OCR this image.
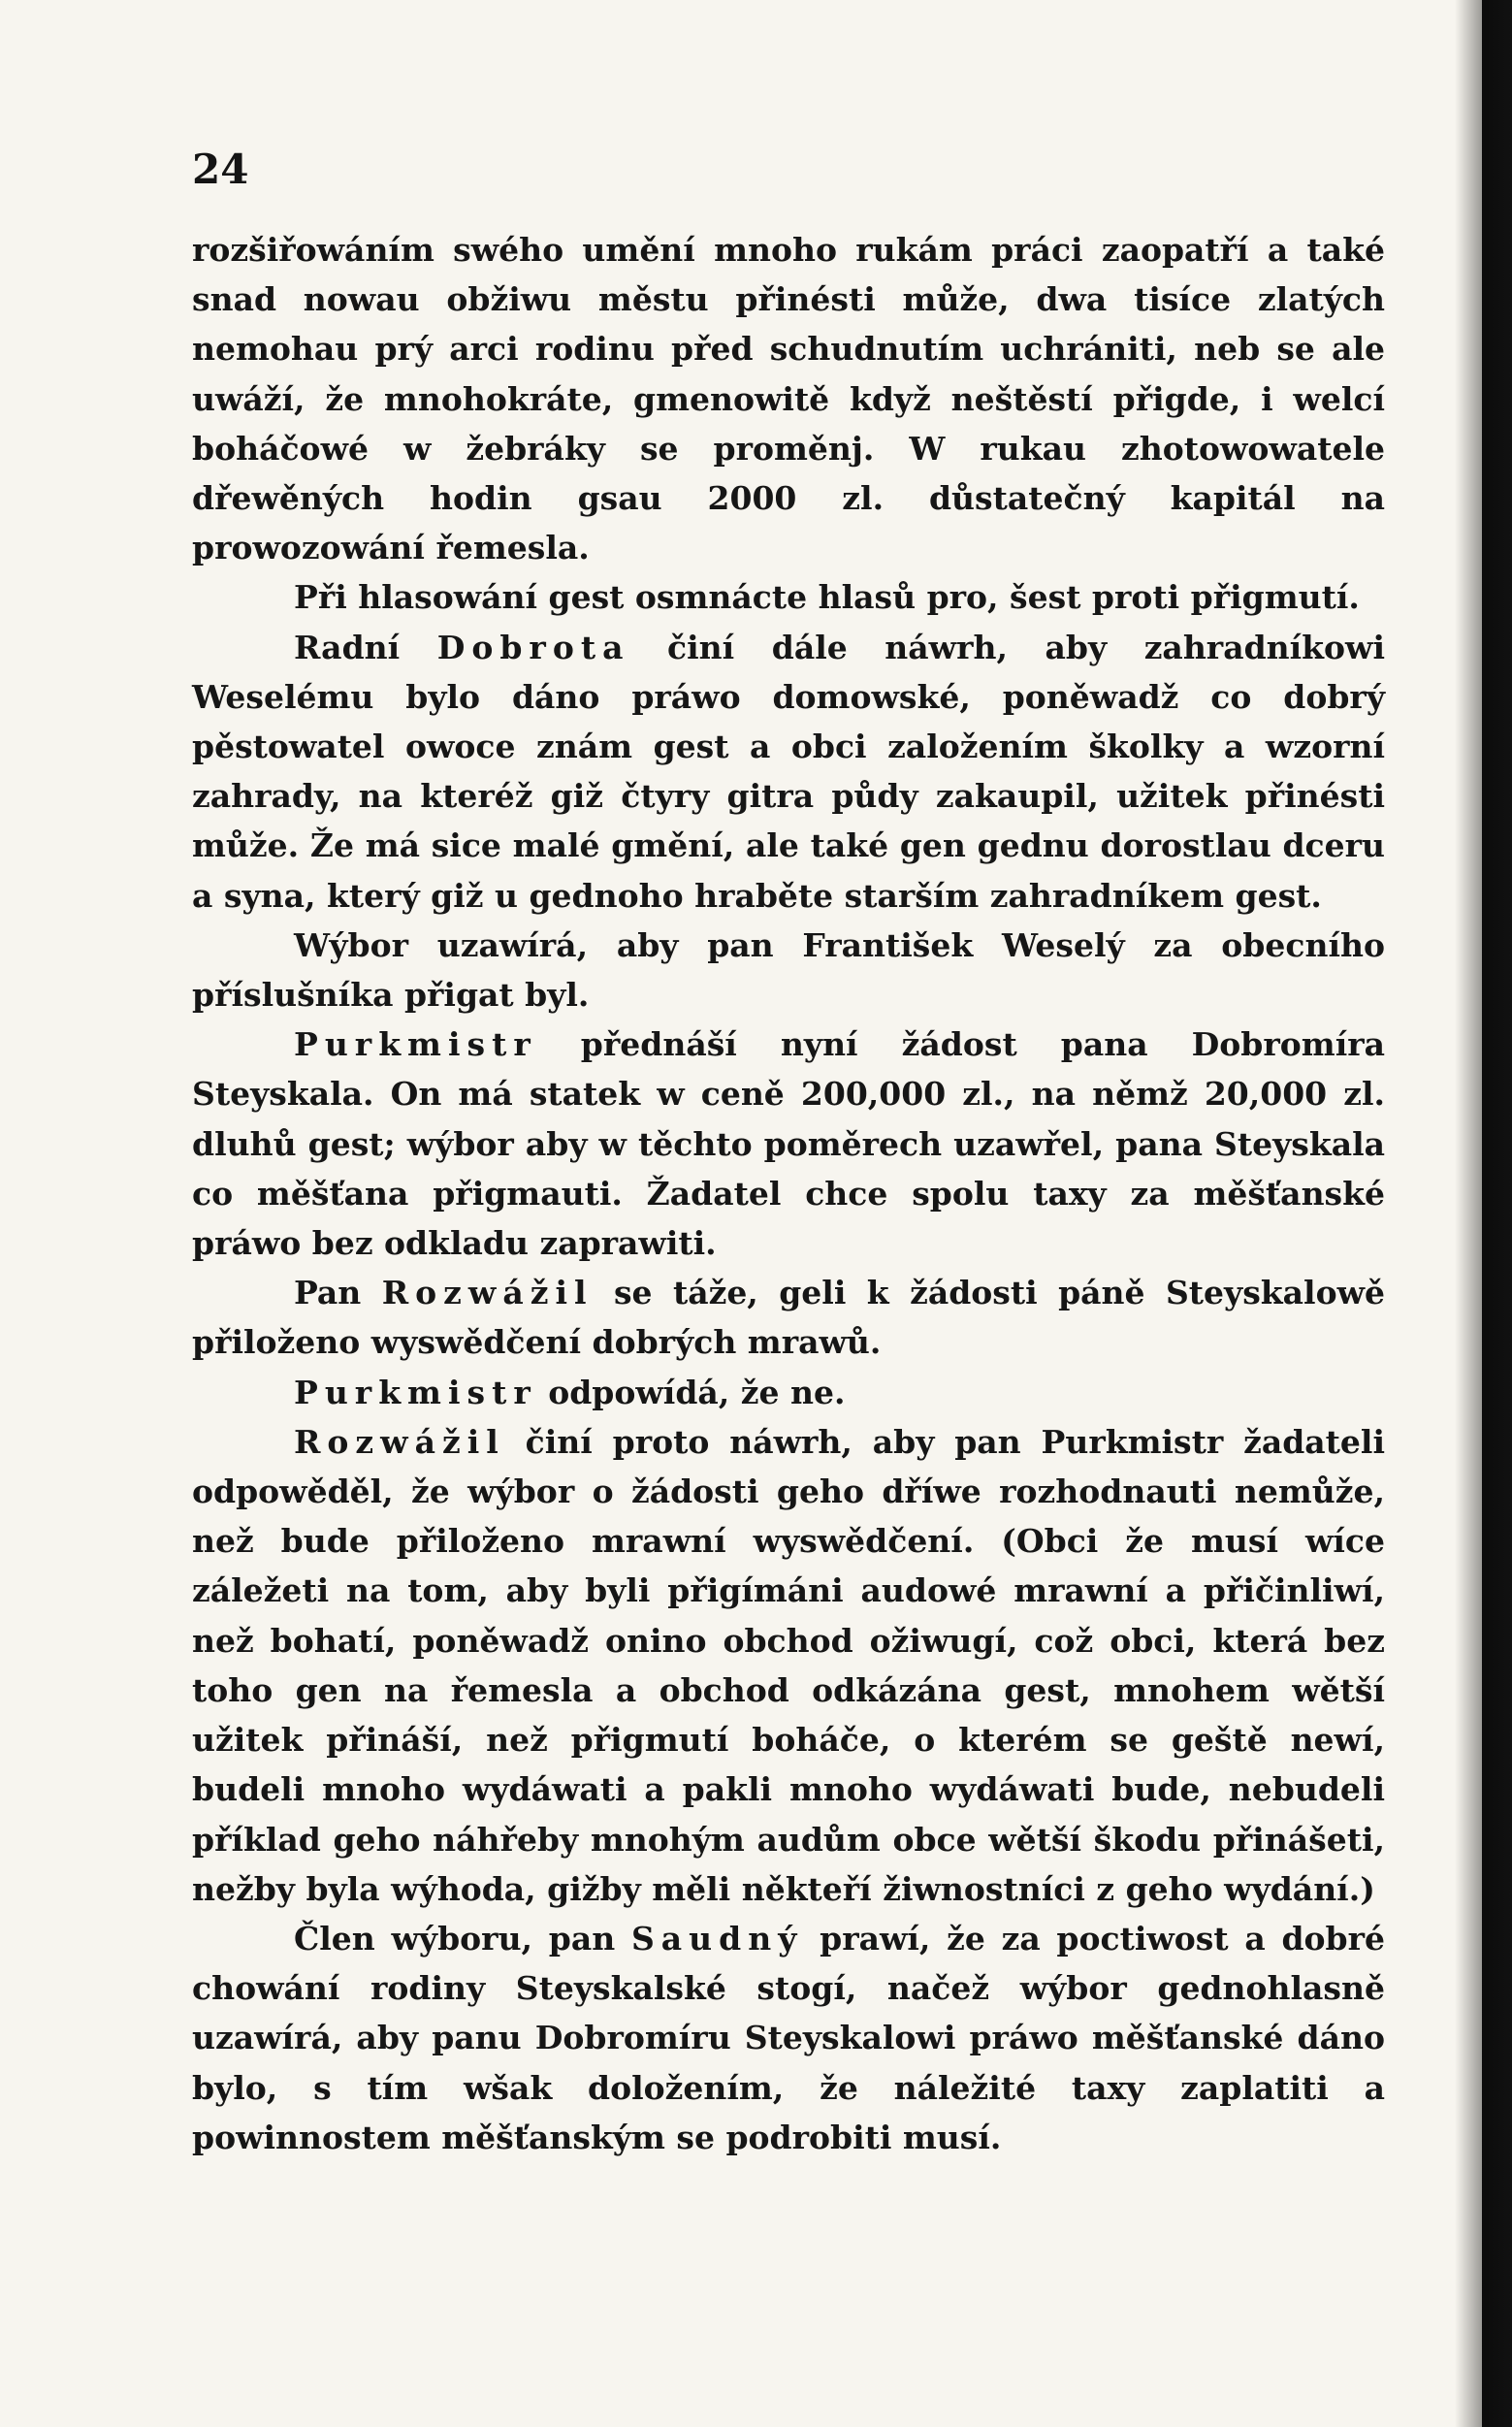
24

rozšiřowáním swého umění mnoho rukám práci zaopatří a také snad nowau obžiwu městu přinésti může, dwa tisíce zlatých nemohau prý arci rodinu před schudnutím uchrániti, neb se ale uwáží, že mnohokráte, gmenowitě když neštěstí přigde, i welcí boháčowé w žebráky se proměnj. W rukau zhotowowatele dřewěných hodin gsau 2000 zl. důstatečný kapitál na prowozowání řemesla.

Při hlasowání gest osmnácte hlasů pro, šest proti přigmutí.

Radní Dobrota činí dále náwrh, aby zahradníkowi Weselému bylo dáno práwo domowské, poněwadž co dobrý pěstowatel owoce znám gest a obci založením školky a wzorní zahrady, na kteréž giž čtyry gitra půdy zakaupil, užitek přinésti může. Že má sice malé gmění, ale také gen gednu dorostlau dceru a syna, který giž u gednoho hraběte starším zahradníkem gest.

Wýbor uzawírá, aby pan František Weselý za obecního příslušníka přigat byl.

Purkmistr přednáší nyní žádost pana Dobromíra Steyskala. On má statek w ceně 200,000 zl., na němž 20,000 zl. dluhů gest; wýbor aby w těchto poměrech uzawřel, pana Steyskala co měšťana přigmauti. Žadatel chce spolu taxy za měšťanské práwo bez odkladu zaprawiti.

Pan Rozwážil se táže, geli k žádosti páně Steyskalowě přiloženo wyswědčení dobrých mrawů.

Purkmistr odpowídá, že ne.

Rozwážil činí proto náwrh, aby pan Purkmistr žadateli odpowěděl, že wýbor o žádosti geho dříwe rozhodnauti nemůže, než bude přiloženo mrawní wyswědčení. (Obci že musí wíce záležeti na tom, aby byli přigímáni audowé mrawní a přičinliwí, než bohatí, poněwadž onino obchod ožiwugí, což obci, která bez toho gen na řemesla a obchod odkázána gest, mnohem wětší užitek přináší, než přigmutí boháče, o kterém se geště newí, budeli mnoho wydáwati a pakli mnoho wydáwati bude, nebudeli příklad geho náhřeby mnohým audům obce wětší škodu přinášeti, nežby byla wýhoda, gižby měli někteří žiwnostníci z geho wydání.)

Člen wýboru, pan Saudný prawí, že za poctiwost a dobré chowání rodiny Steyskalské stogí, načež wýbor gednohlasně uzawírá, aby panu Dobromíru Steyskalowi práwo měšťanské dáno bylo, s tím wšak doložením, že náležité taxy zaplatiti a powinnostem měšťanským se podrobiti musí.
